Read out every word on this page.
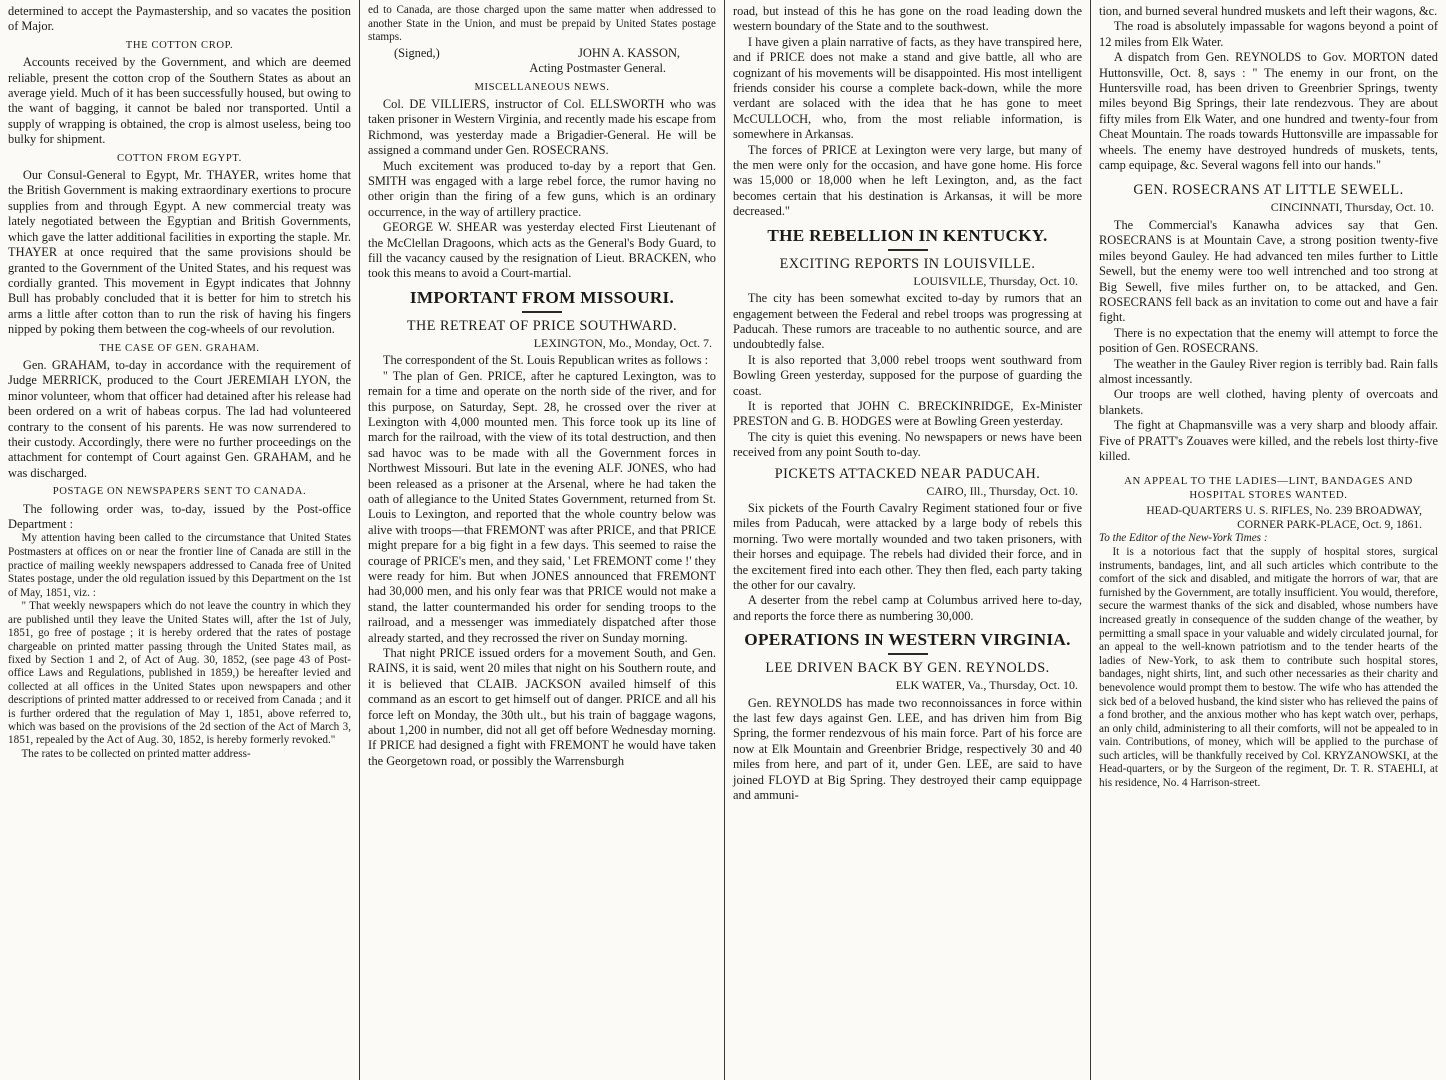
determined to accept the Paymastership, and so vacates the position of Major.

THE COTTON CROP.

Accounts received by the Government, and which are deemed reliable, present the cotton crop of the Southern States as about an average yield. Much of it has been successfully housed, but owing to the want of bagging, it cannot be baled nor transported. Until a supply of wrapping is obtained, the crop is almost useless, being too bulky for shipment.

COTTON FROM EGYPT.

Our Consul-General to Egypt, Mr. THAYER, writes home that the British Government is making extraordinary exertions to procure supplies from and through Egypt. A new commercial treaty was lately negotiated between the Egyptian and British Governments, which gave the latter additional facilities in exporting the staple. Mr. THAYER at once required that the same provisions should be granted to the Government of the United States, and his request was cordially granted. This movement in Egypt indicates that Johnny Bull has probably concluded that it is better for him to stretch his arms a little after cotton than to run the risk of having his fingers nipped by poking them between the cog-wheels of our revolution.

THE CASE OF GEN. GRAHAM.

Gen. GRAHAM, to-day in accordance with the requirement of Judge MERRICK, produced to the Court JEREMIAH LYON, the minor volunteer, whom that officer had detained after his release had been ordered on a writ of habeas corpus. The lad had volunteered contrary to the consent of his parents. He was now surrendered to their custody. Accordingly, there were no further proceedings on the attachment for contempt of Court against Gen. GRAHAM, and he was discharged.

POSTAGE ON NEWSPAPERS SENT TO CANADA.

The following order was, to-day, issued by the Post-office Department :

My attention having been called to the circumstance that United States Postmasters at offices on or near the frontier line of Canada are still in the practice of mailing weekly newspapers addressed to Canada free of United States postage, under the old regulation issued by this Department on the 1st of May, 1851, viz. :

" That weekly newspapers which do not leave the country in which they are published until they leave the United States will, after the 1st of July, 1851, go free of postage ; it is hereby ordered that the rates of postage chargeable on printed matter passing through the United States mail, as fixed by Section 1 and 2, of Act of Aug. 30, 1852, (see page 43 of Post-office Laws and Regulations, published in 1859,) be hereafter levied and collected at all offices in the United States upon newspapers and other descriptions of printed matter addressed to or received from Canada ; and it is further ordered that the regulation of May 1, 1851, above referred to, which was based on the provisions of the 2d section of the Act of March 3, 1851, repealed by the Act of Aug. 30, 1852, is hereby formerly revoked."

The rates to be collected on printed matter address-

ed to Canada, are those charged upon the same matter when addressed to another State in the Union, and must be prepaid by United States postage stamps.

(Signed,)	JOHN A. KASSON,
Acting Postmaster General.
MISCELLANEOUS NEWS.

Col. DE VILLIERS, instructor of Col. ELLSWORTH who was taken prisoner in Western Virginia, and recently made his escape from Richmond, was yesterday made a Brigadier-General. He will be assigned a command under Gen. ROSECRANS.

Much excitement was produced to-day by a report that Gen. SMITH was engaged with a large rebel force, the rumor having no other origin than the firing of a few guns, which is an ordinary occurrence, in the way of artillery practice.

GEORGE W. SHEAR was yesterday elected First Lieutenant of the McClellan Dragoons, which acts as the General's Body Guard, to fill the vacancy caused by the resignation of Lieut. BRACKEN, who took this means to avoid a Court-martial.

IMPORTANT FROM MISSOURI.
THE RETREAT OF PRICE SOUTHWARD.
LEXINGTON, Mo., Monday, Oct. 7.

The correspondent of the St. Louis Republican writes as follows :

" The plan of Gen. PRICE, after he captured Lexington, was to remain for a time and operate on the north side of the river, and for this purpose, on Saturday, Sept. 28, he crossed over the river at Lexington with 4,000 mounted men. This force took up its line of march for the railroad, with the view of its total destruction, and then sad havoc was to be made with all the Government forces in Northwest Missouri. But late in the evening ALF. JONES, who had been released as a prisoner at the Arsenal, where he had taken the oath of allegiance to the United States Government, returned from St. Louis to Lexington, and reported that the whole country below was alive with troops—that FREMONT was after PRICE, and that PRICE might prepare for a big fight in a few days. This seemed to raise the courage of PRICE's men, and they said, ' Let FREMONT come !' they were ready for him. But when JONES announced that FREMONT had 30,000 men, and his only fear was that PRICE would not make a stand, the latter countermanded his order for sending troops to the railroad, and a messenger was immediately dispatched after those already started, and they recrossed the river on Sunday morning.

That night PRICE issued orders for a movement South, and Gen. RAINS, it is said, went 20 miles that night on his Southern route, and it is believed that CLAIB. JACKSON availed himself of this command as an escort to get himself out of danger. PRICE and all his force left on Monday, the 30th ult., but his train of baggage wagons, about 1,200 in number, did not all get off before Wednesday morning. If PRICE had designed a fight with FREMONT he would have taken the Georgetown road, or possibly the Warrensburgh

road, but instead of this he has gone on the road leading down the western boundary of the State and to the southwest.

I have given a plain narrative of facts, as they have transpired here, and if PRICE does not make a stand and give battle, all who are cognizant of his movements will be disappointed. His most intelligent friends consider his course a complete back-down, while the more verdant are solaced with the idea that he has gone to meet McCULLOCH, who, from the most reliable information, is somewhere in Arkansas.

The forces of PRICE at Lexington were very large, but many of the men were only for the occasion, and have gone home. His force was 15,000 or 18,000 when he left Lexington, and, as the fact becomes certain that his destination is Arkansas, it will be more decreased."

THE REBELLION IN KENTUCKY.
EXCITING REPORTS IN LOUISVILLE.
LOUISVILLE, Thursday, Oct. 10.

The city has been somewhat excited to-day by rumors that an engagement between the Federal and rebel troops was progressing at Paducah. These rumors are traceable to no authentic source, and are undoubtedly false.

It is also reported that 3,000 rebel troops went southward from Bowling Green yesterday, supposed for the purpose of guarding the coast.

It is reported that JOHN C. BRECKINRIDGE, Ex-Minister PRESTON and G. B. HODGES were at Bowling Green yesterday.

The city is quiet this evening. No newspapers or news have been received from any point South to-day.

PICKETS ATTACKED NEAR PADUCAH.
CAIRO, Ill., Thursday, Oct. 10.

Six pickets of the Fourth Cavalry Regiment stationed four or five miles from Paducah, were attacked by a large body of rebels this morning. Two were mortally wounded and two taken prisoners, with their horses and equipage. The rebels had divided their force, and in the excitement fired into each other. They then fled, each party taking the other for our cavalry.

A deserter from the rebel camp at Columbus arrived here to-day, and reports the force there as numbering 30,000.

OPERATIONS IN WESTERN VIRGINIA.
LEE DRIVEN BACK BY GEN. REYNOLDS.
ELK WATER, Va., Thursday, Oct. 10.

Gen. REYNOLDS has made two reconnoissances in force within the last few days against Gen. LEE, and has driven him from Big Spring, the former rendezvous of his main force. Part of his force are now at Elk Mountain and Greenbrier Bridge, respectively 30 and 40 miles from here, and part of it, under Gen. LEE, are said to have joined FLOYD at Big Spring. They destroyed their camp equippage and ammuni-

tion, and burned several hundred muskets and left their wagons, &c.

The road is absolutely impassable for wagons beyond a point of 12 miles from Elk Water.

A dispatch from Gen. REYNOLDS to Gov. MORTON dated Huttonsville, Oct. 8, says : " The enemy in our front, on the Huntersville road, has been driven to Greenbrier Springs, twenty miles beyond Big Springs, their late rendezvous. They are about fifty miles from Elk Water, and one hundred and twenty-four from Cheat Mountain. The roads towards Huttonsville are impassable for wheels. The enemy have destroyed hundreds of muskets, tents, camp equipage, &c. Several wagons fell into our hands."

GEN. ROSECRANS AT LITTLE SEWELL.
CINCINNATI, Thursday, Oct. 10.

The Commercial's Kanawha advices say that Gen. ROSECRANS is at Mountain Cave, a strong position twenty-five miles beyond Gauley. He had advanced ten miles further to Little Sewell, but the enemy were too well intrenched and too strong at Big Sewell, five miles further on, to be attacked, and Gen. ROSECRANS fell back as an invitation to come out and have a fair fight.

There is no expectation that the enemy will attempt to force the position of Gen. ROSECRANS.

The weather in the Gauley River region is terribly bad. Rain falls almost incessantly.

Our troops are well clothed, having plenty of overcoats and blankets.

The fight at Chapmansville was a very sharp and bloody affair. Five of PRATT's Zouaves were killed, and the rebels lost thirty-five killed.

AN APPEAL TO THE LADIES—LINT, BANDAGES AND HOSPITAL STORES WANTED.
HEAD-QUARTERS U. S. RIFLES, No. 239 BROADWAY,
CORNER PARK-PLACE, Oct. 9, 1861.

To the Editor of the New-York Times :

It is a notorious fact that the supply of hospital stores, surgical instruments, bandages, lint, and all such articles which contribute to the comfort of the sick and disabled, and mitigate the horrors of war, that are furnished by the Government, are totally insufficient. You would, therefore, secure the warmest thanks of the sick and disabled, whose numbers have increased greatly in consequence of the sudden change of the weather, by permitting a small space in your valuable and widely circulated journal, for an appeal to the well-known patriotism and to the tender hearts of the ladies of New-York, to ask them to contribute such hospital stores, bandages, night shirts, lint, and such other necessaries as their charity and benevolence would prompt them to bestow. The wife who has attended the sick bed of a beloved husband, the kind sister who has relieved the pains of a fond brother, and the anxious mother who has kept watch over, perhaps, an only child, administering to all their comforts, will not be appealed to in vain. Contributions, of money, which will be applied to the purchase of such articles, will be thankfully received by Col. KRYZANOWSKI, at the Head-quarters, or by the Surgeon of the regiment, Dr. T. R. STAEHLI, at his residence, No. 4 Harrison-street.
